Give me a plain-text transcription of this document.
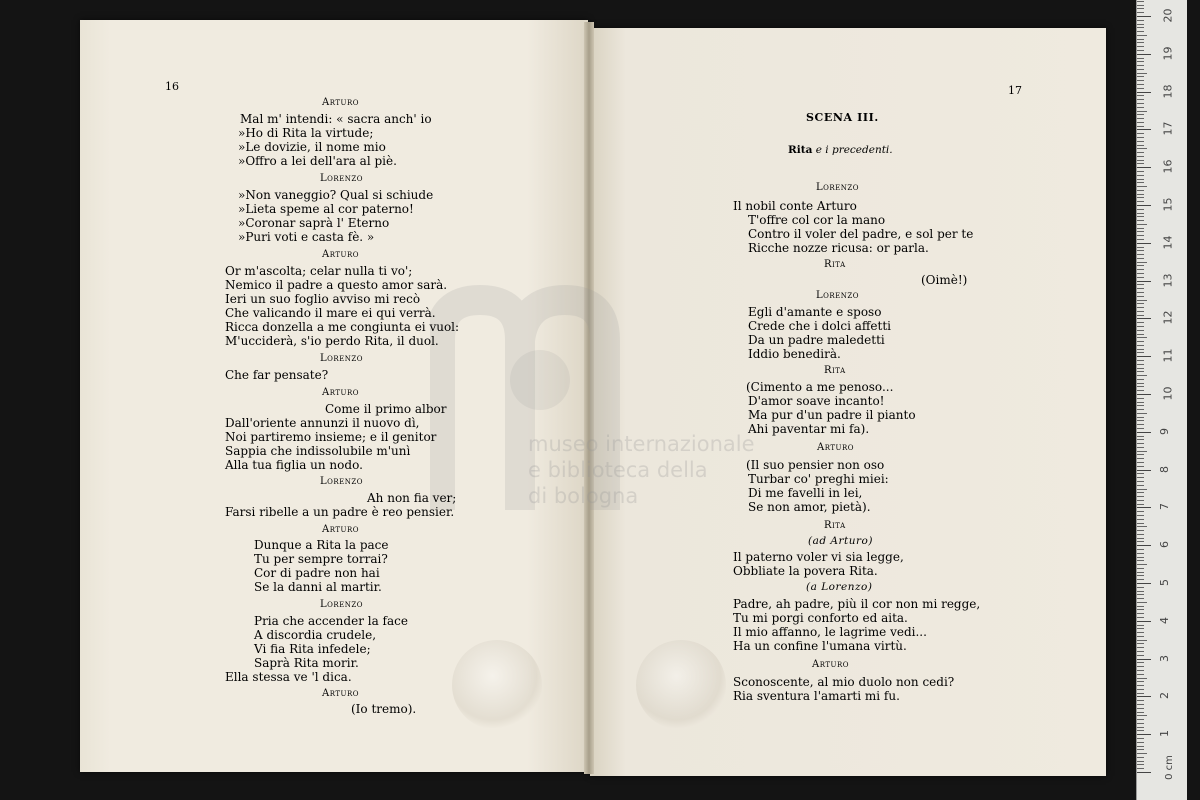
museo internazionale
e biblioteca della
di bologna
16
Arturo
Mal m' intendi: « sacra anch' io
»Ho di Rita la virtude;
»Le dovizie, il nome mio
»Offro a lei dell'ara al piè.
Lorenzo
»Non vaneggio? Qual si schiude
»Lieta speme al cor paterno!
»Coronar saprà l' Eterno
»Puri voti e casta fè. »
Arturo
Or m'ascolta; celar nulla ti vo';
Nemico il padre a questo amor sarà.
Ieri un suo foglio avviso mi recò
Che valicando il mare ei qui verrà.
Ricca donzella a me congiunta ei vuol:
M'ucciderà, s'io perdo Rita, il duol.
Lorenzo
Che far pensate?
Arturo
Come il primo albor
Dall'oriente annunzi il nuovo dì,
Noi partiremo insieme; e il genitor
Sappia che indissolubile m'unì
Alla tua figlia un nodo.
Lorenzo
Ah non fia ver;
Farsi ribelle a un padre è reo pensier.
Arturo
Dunque a Rita la pace
Tu per sempre torrai?
Cor di padre non hai
Se la danni al martir.
Lorenzo
Pria che accender la face
A discordia crudele,
Vi fia Rita infedele;
Saprà Rita morir.
Ella stessa ve 'l dica.
Arturo
(Io tremo).
17
SCENA III.
Rita e i precedenti.
Lorenzo
Il nobil conte Arturo
T'offre col cor la mano
Contro il voler del padre, e sol per te
Ricche nozze ricusa: or parla.
Rita
(Oimè!)
Lorenzo
Egli d'amante e sposo
Crede che i dolci affetti
Da un padre maledetti
Iddio benedirà.
Rita
(Cimento a me penoso...
D'amor soave incanto!
Ma pur d'un padre il pianto
Ahi paventar mi fa).
Arturo
(Il suo pensier non oso
Turbar co' preghi miei:
Di me favelli in lei,
Se non amor, pietà).
Rita
(ad Arturo)
Il paterno voler vi sia legge,
Obbliate la povera Rita.
(a Lorenzo)
Padre, ah padre, più il cor non mi regge,
Tu mi porgi conforto ed aita.
Il mio affanno, le lagrime vedi...
Ha un confine l'umana virtù.
Arturo
Sconoscente, al mio duolo non cedi?
Ria sventura l'amarti mi fu.
1
2
3
4
5
6
7
8
9
10
11
12
13
14
15
16
17
18
19
20
0 cm
